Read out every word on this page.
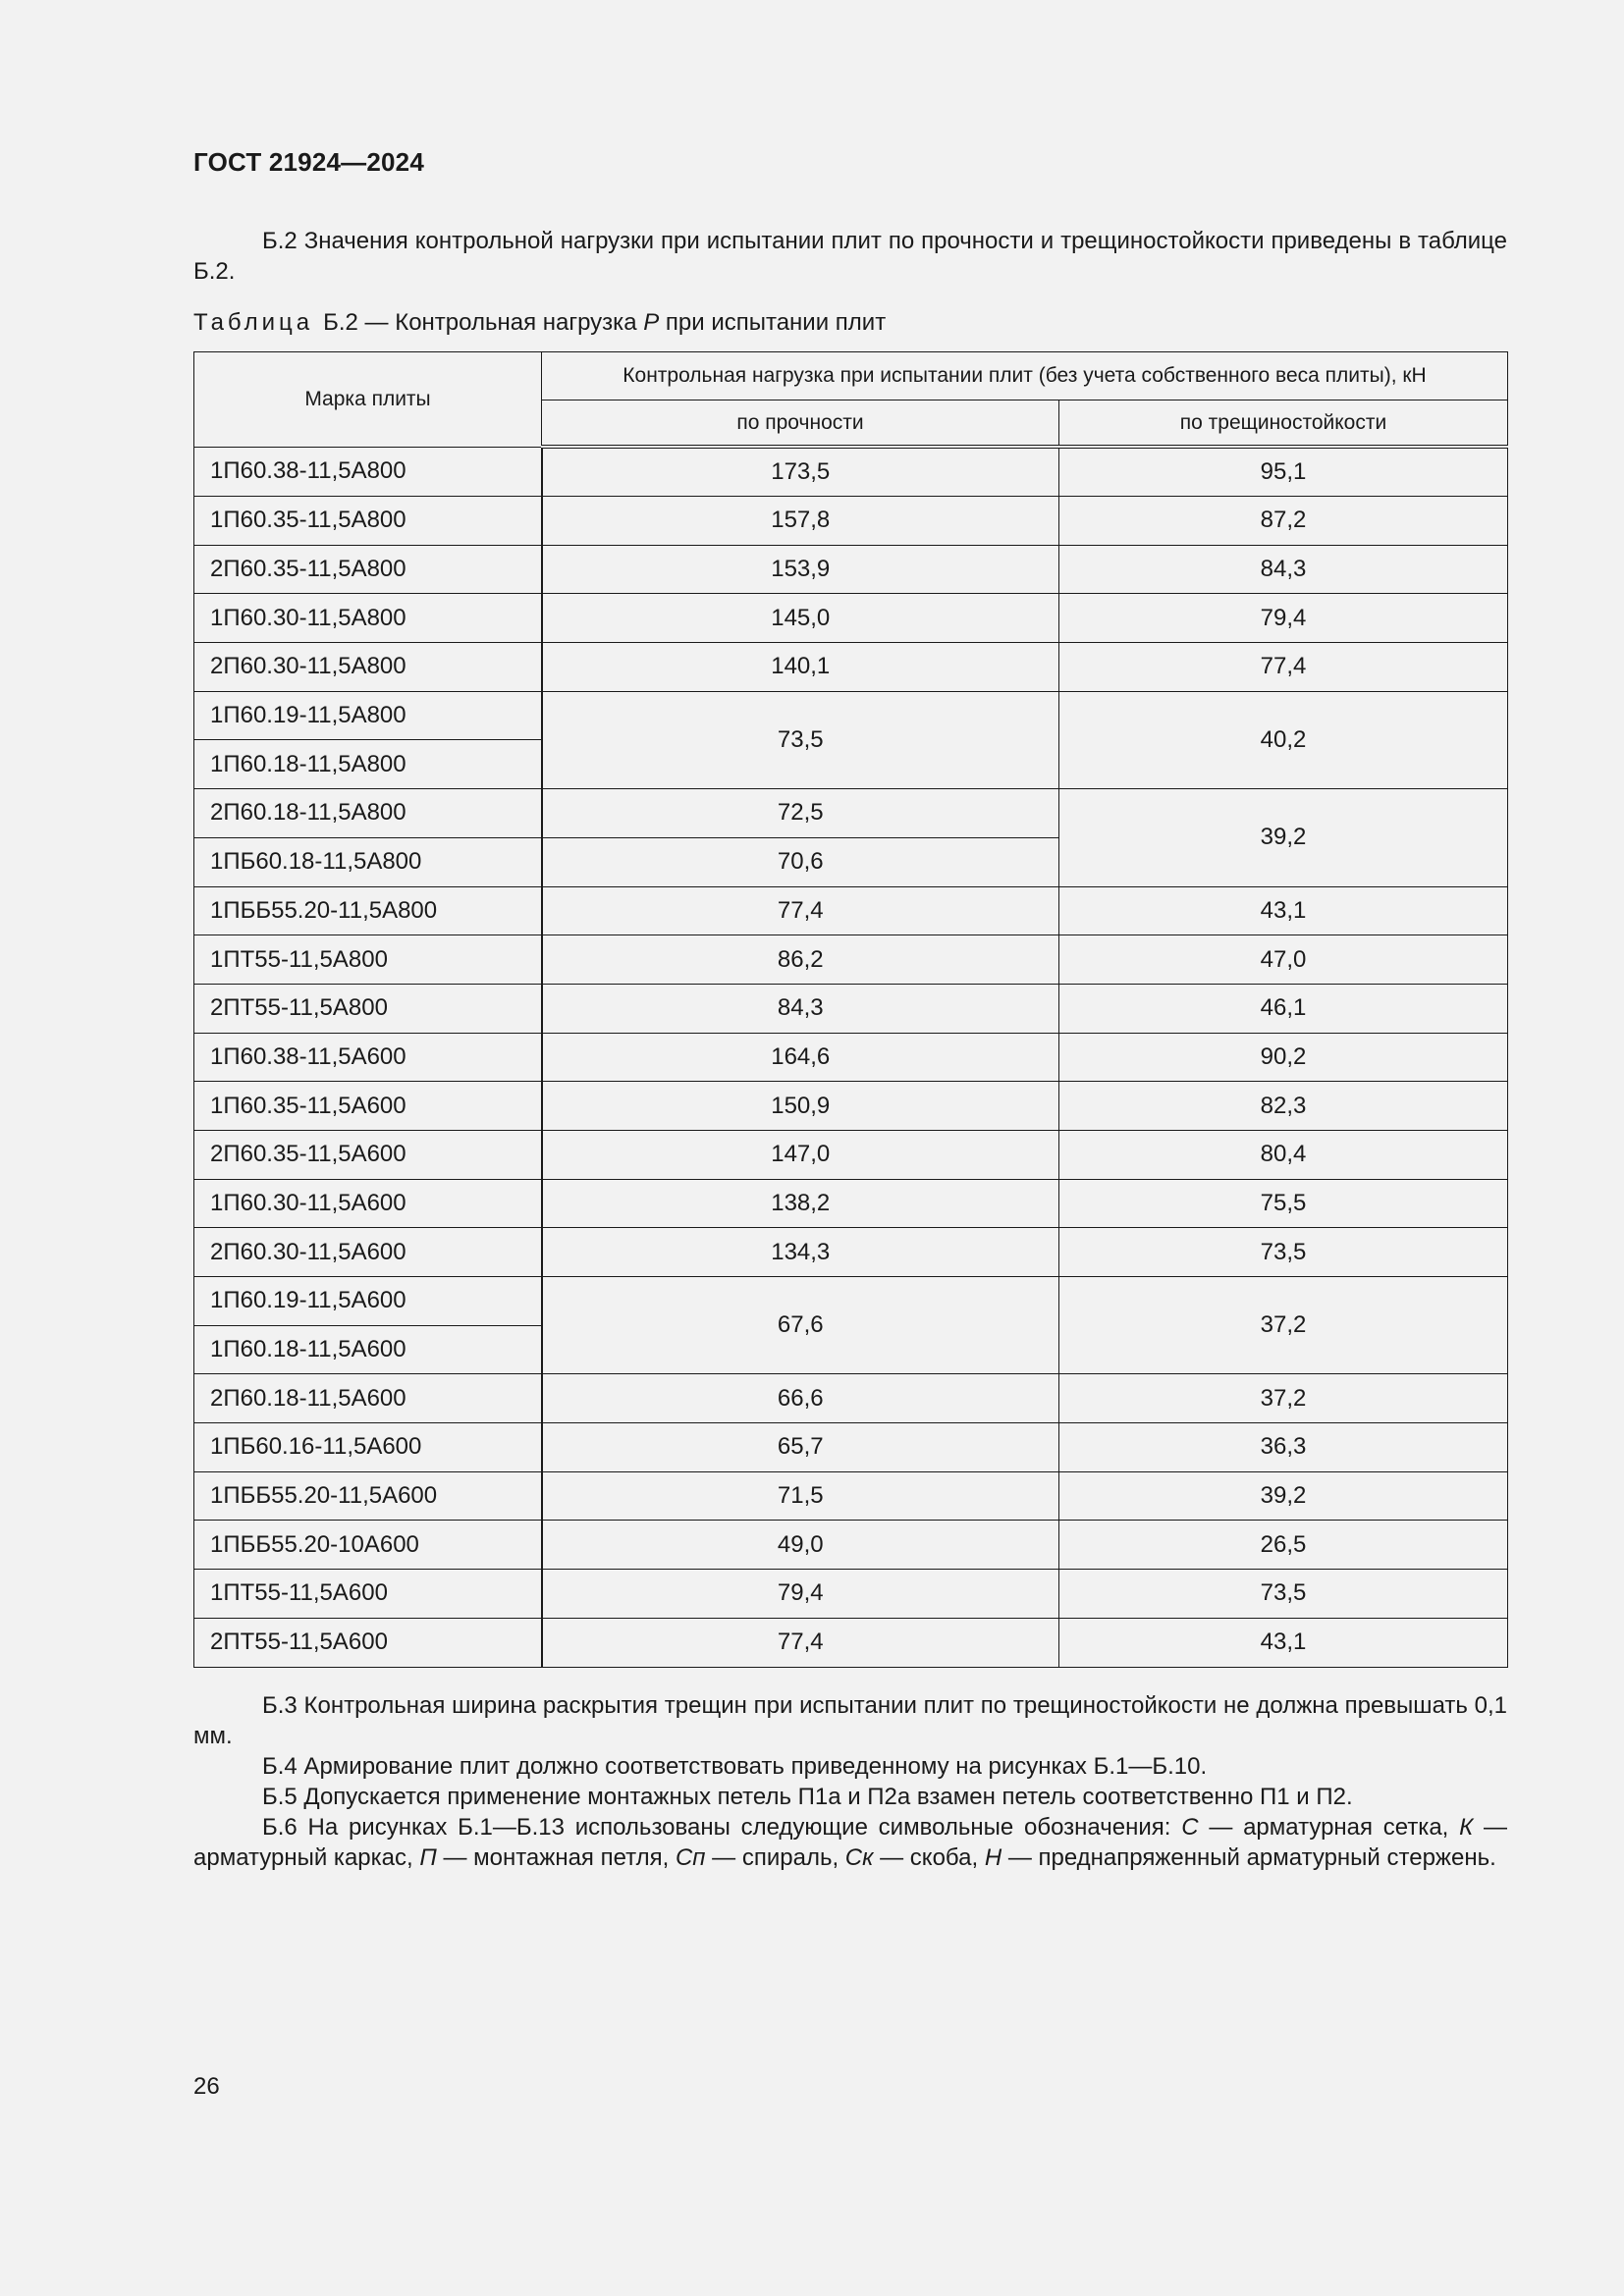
ГОСТ 21924—2024
Б.2 Значения контрольной нагрузки при испытании плит по прочности и трещиностойкости приведены в таблице Б.2.
Таблица Б.2 — Контрольная нагрузка P при испытании плит
Марка плиты	Контрольная нагрузка при испытании плит (без учета собственного веса плиты), кН	
	по прочности	по трещиностойкости
1П60.38-11,5А800	173,5	95,1
1П60.35-11,5А800	157,8	87,2
2П60.35-11,5А800	153,9	84,3
1П60.30-11,5А800	145,0	79,4
2П60.30-11,5А800	140,1	77,4
1П60.19-11,5А800	73,5	40,2
1П60.18-11,5А800		
2П60.18-11,5А800	72,5	39,2
1ПБ60.18-11,5А800	70,6	
1ПББ55.20-11,5А800	77,4	43,1
1ПТ55-11,5А800	86,2	47,0
2ПТ55-11,5А800	84,3	46,1
1П60.38-11,5А600	164,6	90,2
1П60.35-11,5А600	150,9	82,3
2П60.35-11,5А600	147,0	80,4
1П60.30-11,5А600	138,2	75,5
2П60.30-11,5А600	134,3	73,5
1П60.19-11,5А600	67,6	37,2
1П60.18-11,5А600		
2П60.18-11,5А600	66,6	37,2
1ПБ60.16-11,5А600	65,7	36,3
1ПББ55.20-11,5А600	71,5	39,2
1ПББ55.20-10А600	49,0	26,5
1ПТ55-11,5А600	79,4	73,5
2ПТ55-11,5А600	77,4	43,1
Б.3 Контрольная ширина раскрытия трещин при испытании плит по трещиностойкости не должна превышать 0,1 мм.
Б.4 Армирование плит должно соответствовать приведенному на рисунках Б.1—Б.10.
Б.5 Допускается применение монтажных петель П1а и П2а взамен петель соответственно П1 и П2.
Б.6 На рисунках Б.1—Б.13 использованы следующие символьные обозначения: С — арматурная сетка, К — арматурный каркас, П — монтажная петля, Сп — спираль, Ск — скоба, Н — преднапряженный арматурный стержень.
26
